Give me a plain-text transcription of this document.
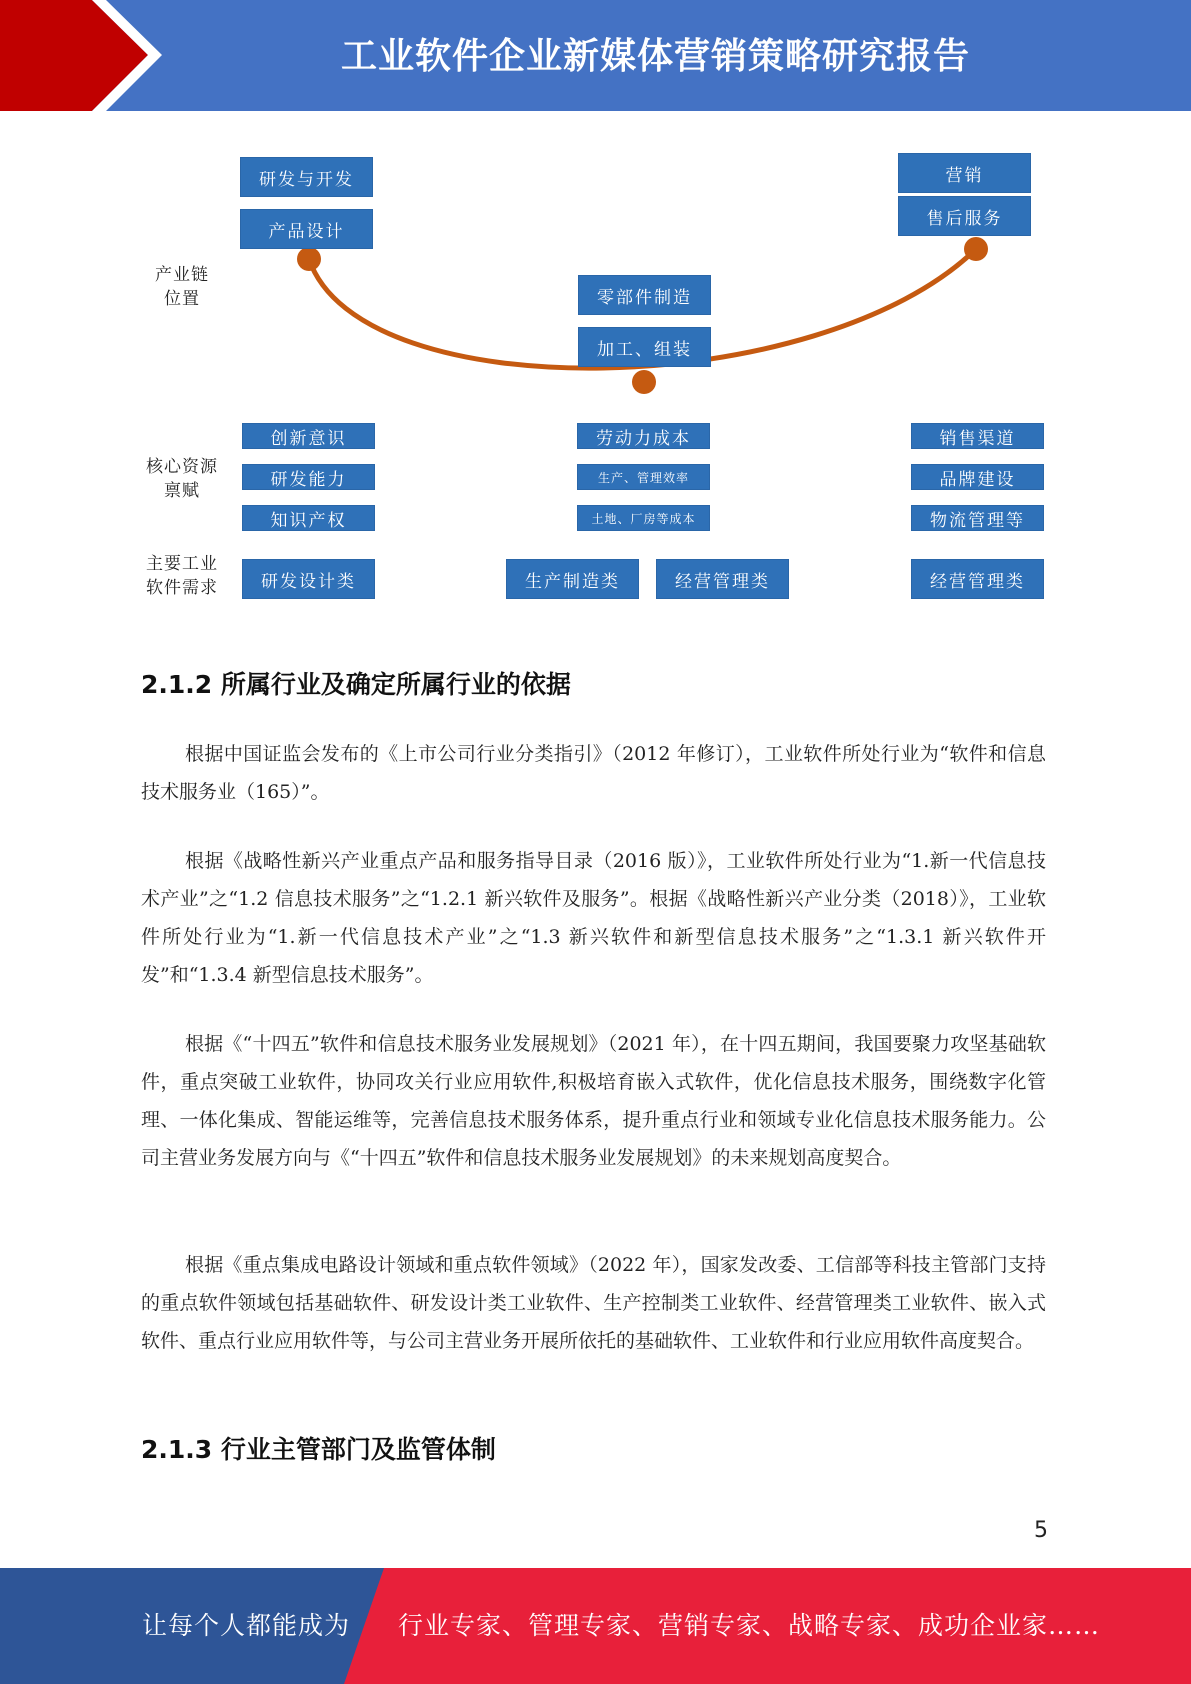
工业软件企业新媒体营销策略研究报告
产业链
位置
核心资源
禀赋
主要工业
软件需求
研发与开发
产品设计
零部件制造
加工、组装
营销
售后服务
创新意识
研发能力
知识产权
劳动力成本
生产、管理效率
土地、厂房等成本
销售渠道
品牌建设
物流管理等
研发设计类	生产制造类	经营管理类	经营管理类
2.1.2 所属行业及确定所属行业的依据

根据中国证监会发布的《上市公司行业分类指引》（2012 年修订），工业软件所处行业为“软件和信息技术服务业（165）”。

根据《战略性新兴产业重点产品和服务指导目录（2016 版）》，工业软件所处行业为“1.新一代信息技术产业”之“1.2 信息技术服务”之“1.2.1 新兴软件及服务”。根据《战略性新兴产业分类（2018）》，工业软件所处行业为“1.新一代信息技术产业”之“1.3 新兴软件和新型信息技术服务”之“1.3.1 新兴软件开发”和“1.3.4 新型信息技术服务”。

根据《“十四五”软件和信息技术服务业发展规划》（2021 年），在十四五期间，我国要聚力攻坚基础软件，重点突破工业软件，协同攻关行业应用软件,积极培育嵌入式软件，优化信息技术服务，围绕数字化管理、一体化集成、智能运维等，完善信息技术服务体系，提升重点行业和领域专业化信息技术服务能力。公司主营业务发展方向与《“十四五”软件和信息技术服务业发展规划》的未来规划高度契合。

根据《重点集成电路设计领域和重点软件领域》（2022 年），国家发改委、工信部等科技主管部门支持的重点软件领域包括基础软件、研发设计类工业软件、生产控制类工业软件、经营管理类工业软件、嵌入式软件、重点行业应用软件等，与公司主营业务开展所依托的基础软件、工业软件和行业应用软件高度契合。

2.1.3 行业主管部门及监管体制
5
让每个人都能成为 行业专家、管理专家、营销专家、战略专家、成功企业家……
